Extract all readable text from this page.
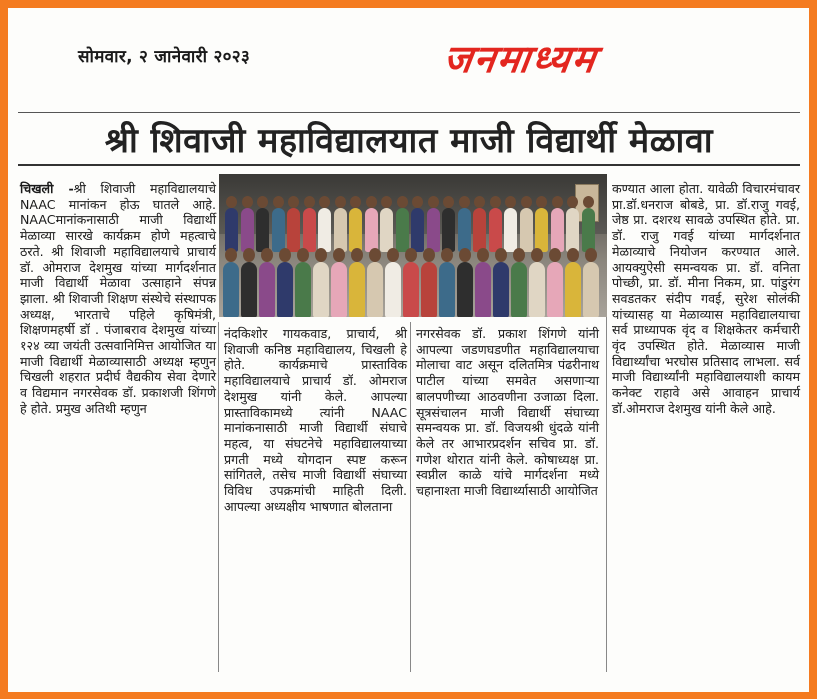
सोमवार, २ जानेवारी २०२३	जनमाध्यम
श्री शिवाजी महाविद्यालयात माजी विद्यार्थी मेळावा

चिखली -श्री शिवाजी महाविद्यालयाचे NAAC मानांकन होऊ घातले आहे. NAACमानांकनासाठी माजी विद्यार्थी मेळाव्या सारखे कार्यक्रम होणे महत्वाचे ठरते. श्री शिवाजी महाविद्यालयाचे प्राचार्य डॉ. ओमराज देशमुख यांच्या मार्गदर्शनात माजी विद्यार्थी मेळावा उत्साहाने संपन्न झाला. श्री शिवाजी शिक्षण संस्थेचे संस्थापक अध्यक्ष, भारताचे पहिले कृषिमंत्री, शिक्षणमहर्षी डॉ . पंजाबराव देशमुख यांच्या १२४ व्या जयंती उत्सवानिमित्त आयोजित या माजी विद्यार्थी मेळाव्यासाठी अध्यक्ष म्हणुन चिखली शहरात प्रदीर्घ वैद्यकीय सेवा देणारे व विद्यमान नगरसेवक डॉ. प्रकाशजी शिंगणे हे होते. प्रमुख अतिथी म्हणुन

नंदकिशोर गायकवाड, प्राचार्य, श्री शिवाजी कनिष्ठ महाविद्यालय, चिखली हे होते. कार्यक्रमाचे प्रास्ताविक महाविद्यालयाचे प्राचार्य डॉ. ओमराज देशमुख यांनी केले. आपल्या प्रास्ताविकामध्ये त्यांनी NAAC मानांकनासाठी माजी विद्यार्थी संघाचे महत्व, या संघटनेचे महाविद्यालयाच्या प्रगती मध्ये योगदान स्पष्ट करून सांगितले, तसेच माजी विद्यार्थी संघाच्या विविध उपक्रमांची माहिती दिली. आपल्या अध्यक्षीय भाषणात बोलताना

नगरसेवक डॉ. प्रकाश शिंगणे यांनी आपल्या जडणघडणीत महाविद्यालयाचा मोलाचा वाट असून दलितमित्र पंढरीनाथ पाटील यांच्या समवेत असणाऱ्या बालपणीच्या आठवणीना उजाळा दिला. सूत्रसंचालन माजी विद्यार्थी संघाच्या समन्वयक प्रा. डॉ. विजयश्री धुंदळे यांनी केले तर आभारप्रदर्शन सचिव प्रा. डॉ. गणेश थोरात यांनी केले. कोषाध्यक्ष प्रा. स्वप्नील काळे यांचे मार्गदर्शना मध्ये चहानाश्ता माजी विद्यार्थ्यासाठी आयोजित

कण्यात आला होता. यावेळी विचारमंचावर प्रा.डॉ.धनराज बोबडे, प्रा. डॉ.राजु गवई, जेष्ठ प्रा. दशरथ सावळे उपस्थित होते. प्रा. डॉ. राजु गवई यांच्या मार्गदर्शनात मेळाव्याचे नियोजन करण्यात आले. आयक्युऐसी समन्वयक प्रा. डॉ. वनिता पोच्छी, प्रा. डॉ. मीना निकम, प्रा. पांडुरंग सवडतकर संदीप गवई, सुरेश सोलंकी यांच्यासह या मेळाव्यास महाविद्यालयाचा सर्व प्राध्यापक वृंद व शिक्षकेतर कर्मचारी वृंद उपस्थित होते. मेळाव्यास माजी विद्यार्थ्यांचा भरघोस प्रतिसाद लाभला. सर्व माजी विद्यार्थ्यांनी महाविद्यालयाशी कायम कनेक्ट राहावे असे आवाहन प्राचार्य डॉ.ओमराज देशमुख यांनी केले आहे.
